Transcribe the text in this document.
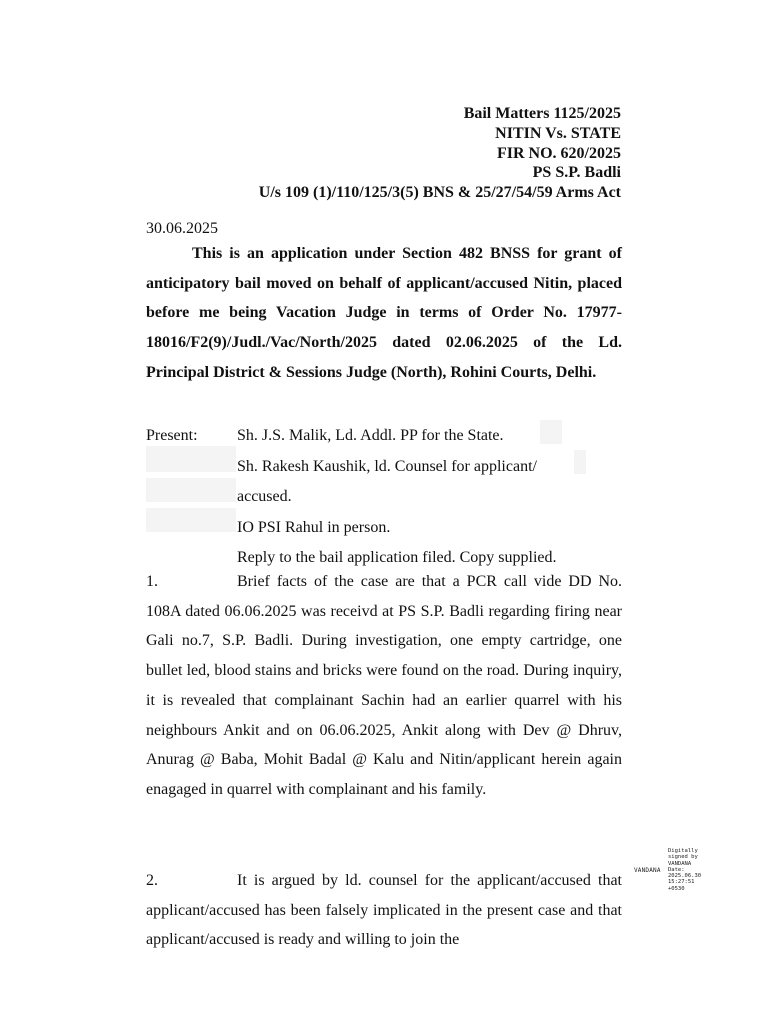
Bail Matters 1125/2025
NITIN Vs. STATE
FIR NO. 620/2025
PS S.P. Badli
U/s 109 (1)/110/125/3(5) BNS & 25/27/54/59 Arms Act
30.06.2025
This is an application under Section 482 BNSS for grant of anticipatory bail moved on behalf of applicant/accused Nitin, placed before me being Vacation Judge in terms of Order No. 17977-18016/F2(9)/Judl./Vac/North/2025 dated 02.06.2025 of the Ld. Principal District & Sessions Judge (North), Rohini Courts, Delhi.
Present: Sh. J.S. Malik, Ld. Addl. PP for the State.
Sh. Rakesh Kaushik, ld. Counsel for applicant/
accused.
IO PSI Rahul in person.
Reply to the bail application filed. Copy supplied.
1.	Brief facts of the case are that a PCR call vide DD No. 108A dated 06.06.2025 was receivd at PS S.P. Badli regarding firing near Gali no.7, S.P. Badli. During investigation, one empty cartridge, one bullet led, blood stains and bricks were found on the road. During inquiry, it is revealed that complainant Sachin had an earlier quarrel with his neighbours Ankit and on 06.06.2025, Ankit along with Dev @ Dhruv, Anurag @ Baba, Mohit Badal @ Kalu and Nitin/applicant herein again enagaged in quarrel with complainant and his family.
2.	It is argued by ld. counsel for the applicant/accused that applicant/accused has been falsely implicated in the present case and that applicant/accused is ready and willing to join the
VANDANA
Digitally
signed by
VANDANA
Date:
2025.06.30
15:27:51
+0530
